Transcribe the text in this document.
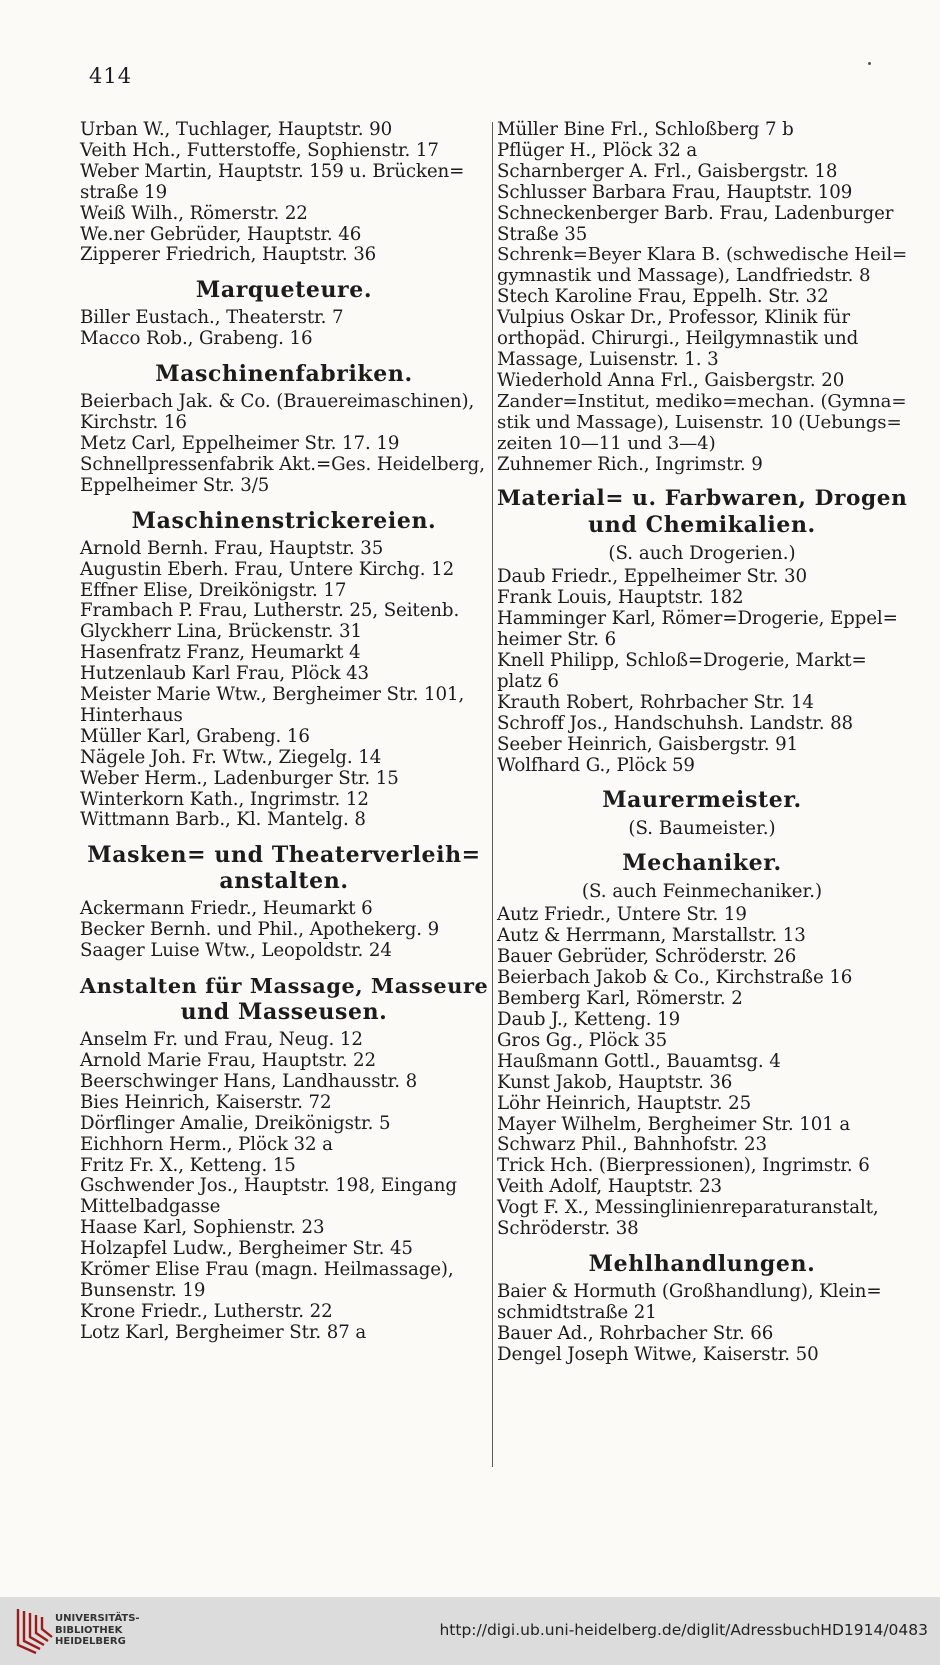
414
Urban W., Tuchlager, Hauptstr. 90
Veith Hch., Futterstoffe, Sophienstr. 17
Weber Martin, Hauptstr. 159 u. Brücken=
straße 19
Weiß Wilh., Römerstr. 22
We.ner Gebrüder, Hauptstr. 46
Zipperer Friedrich, Hauptstr. 36
Marqueteure.
Biller Eustach., Theaterstr. 7
Macco Rob., Grabeng. 16
Maschinenfabriken.
Beierbach Jak. & Co. (Brauereimaschinen),
Kirchstr. 16
Metz Carl, Eppelheimer Str. 17. 19
Schnellpressenfabrik Akt.=Ges. Heidelberg,
Eppelheimer Str. 3/5
Maschinenstrickereien.
Arnold Bernh. Frau, Hauptstr. 35
Augustin Eberh. Frau, Untere Kirchg. 12
Effner Elise, Dreikönigstr. 17
Frambach P. Frau, Lutherstr. 25, Seitenb.
Glyckherr Lina, Brückenstr. 31
Hasenfratz Franz, Heumarkt 4
Hutzenlaub Karl Frau, Plöck 43
Meister Marie Wtw., Bergheimer Str. 101,
Hinterhaus
Müller Karl, Grabeng. 16
Nägele Joh. Fr. Wtw., Ziegelg. 14
Weber Herm., Ladenburger Str. 15
Winterkorn Kath., Ingrimstr. 12
Wittmann Barb., Kl. Mantelg. 8
Masken= und Theaterverleih=
anstalten.
Ackermann Friedr., Heumarkt 6
Becker Bernh. und Phil., Apothekerg. 9
Saager Luise Wtw., Leopoldstr. 24
Anstalten für Massage, Masseure
und Masseusen.
Anselm Fr. und Frau, Neug. 12
Arnold Marie Frau, Hauptstr. 22
Beerschwinger Hans, Landhausstr. 8
Bies Heinrich, Kaiserstr. 72
Dörflinger Amalie, Dreikönigstr. 5
Eichhorn Herm., Plöck 32 a
Fritz Fr. X., Ketteng. 15
Gschwender Jos., Hauptstr. 198, Eingang
Mittelbadgasse
Haase Karl, Sophienstr. 23
Holzapfel Ludw., Bergheimer Str. 45
Krömer Elise Frau (magn. Heilmassage),
Bunsenstr. 19
Krone Friedr., Lutherstr. 22
Lotz Karl, Bergheimer Str. 87 a
Müller Bine Frl., Schloßberg 7 b
Pflüger H., Plöck 32 a
Scharnberger A. Frl., Gaisbergstr. 18
Schlusser Barbara Frau, Hauptstr. 109
Schneckenberger Barb. Frau, Ladenburger
Straße 35
Schrenk=Beyer Klara B. (schwedische Heil=
gymnastik und Massage), Landfriedstr. 8
Stech Karoline Frau, Eppelh. Str. 32
Vulpius Oskar Dr., Professor, Klinik für
orthopäd. Chirurgi., Heilgymnastik und
Massage, Luisenstr. 1. 3
Wiederhold Anna Frl., Gaisbergstr. 20
Zander=Institut, mediko=mechan. (Gymna=
stik und Massage), Luisenstr. 10 (Uebungs=
zeiten 10—11 und 3—4)
Zuhnemer Rich., Ingrimstr. 9
Material= u. Farbwaren, Drogen
und Chemikalien.
(S. auch Drogerien.)
Daub Friedr., Eppelheimer Str. 30
Frank Louis, Hauptstr. 182
Hamminger Karl, Römer=Drogerie, Eppel=
heimer Str. 6
Knell Philipp, Schloß=Drogerie, Markt=
platz 6
Krauth Robert, Rohrbacher Str. 14
Schroff Jos., Handschuhsh. Landstr. 88
Seeber Heinrich, Gaisbergstr. 91
Wolfhard G., Plöck 59
Maurermeister.
(S. Baumeister.)
Mechaniker.
(S. auch Feinmechaniker.)
Autz Friedr., Untere Str. 19
Autz & Herrmann, Marstallstr. 13
Bauer Gebrüder, Schröderstr. 26
Beierbach Jakob & Co., Kirchstraße 16
Bemberg Karl, Römerstr. 2
Daub J., Ketteng. 19
Gros Gg., Plöck 35
Haußmann Gottl., Bauamtsg. 4
Kunst Jakob, Hauptstr. 36
Löhr Heinrich, Hauptstr. 25
Mayer Wilhelm, Bergheimer Str. 101 a
Schwarz Phil., Bahnhofstr. 23
Trick Hch. (Bierpressionen), Ingrimstr. 6
Veith Adolf, Hauptstr. 23
Vogt F. X., Messinglinienreparaturanstalt,
Schröderstr. 38
Mehlhandlungen.
Baier & Hormuth (Großhandlung), Klein=
schmidtstraße 21
Bauer Ad., Rohrbacher Str. 66
Dengel Joseph Witwe, Kaiserstr. 50
UNIVERSITÄTS-
BIBLIOTHEK
HEIDELBERG
http://digi.ub.uni-heidelberg.de/diglit/AdressbuchHD1914/0483
